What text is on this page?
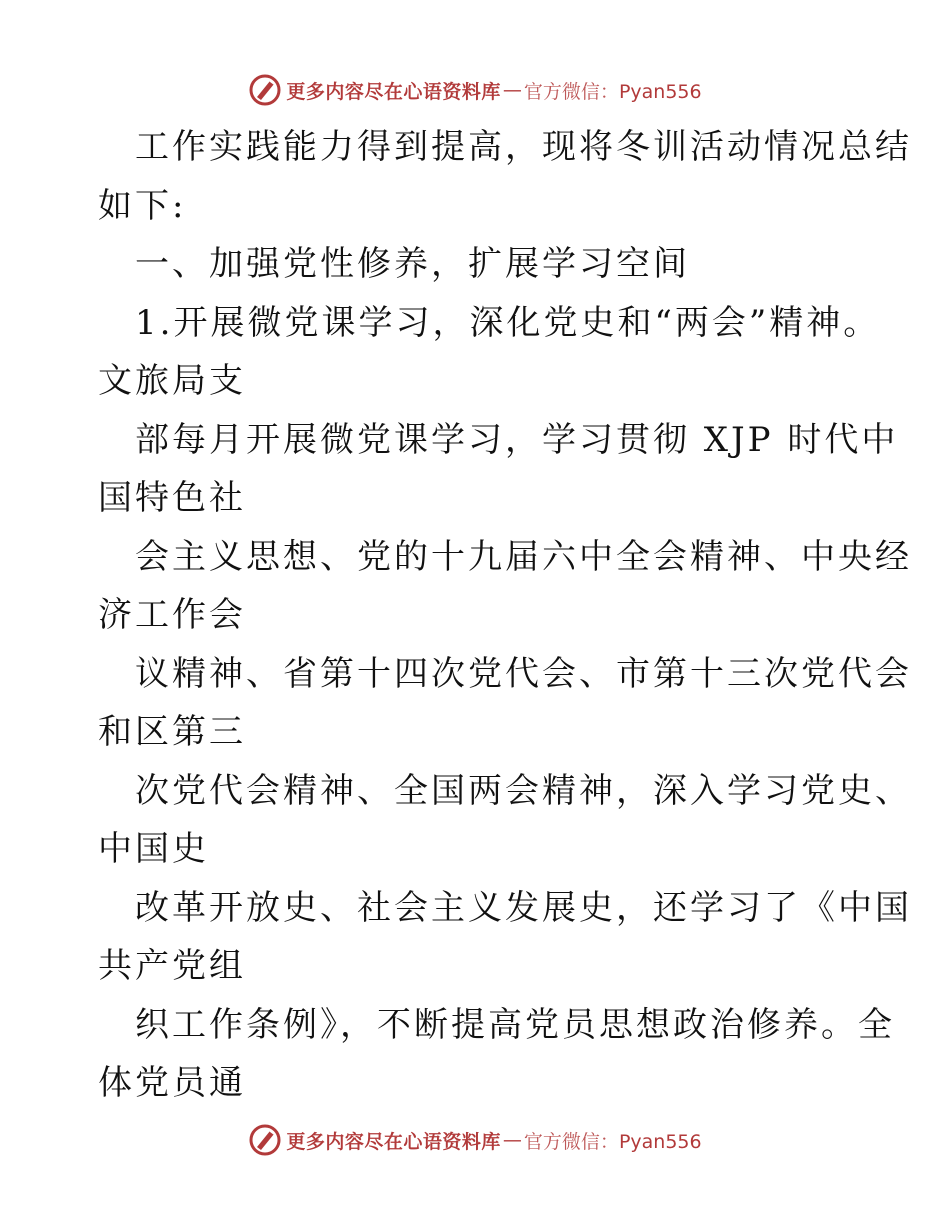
更多内容尽在心语资料库 — 官方微信：Pyan556
工作实践能力得到提高，现将冬训活动情况总结
如下:
一、加强党性修养，扩展学习空间
1.开展微党课学习，深化党史和“两会”精神。
文旅局支
部每月开展微党课学习，学习贯彻 XJP 时代中
国特色社
会主义思想、党的十九届六中全会精神、中央经
济工作会
议精神、省第十四次党代会、市第十三次党代会
和区第三
次党代会精神、全国两会精神，深入学习党史、
中国史
改革开放史、社会主义发展史，还学习了《中国
共产党组
织工作条例》，不断提高党员思想政治修养。全
体党员通
更多内容尽在心语资料库 — 官方微信：Pyan556
